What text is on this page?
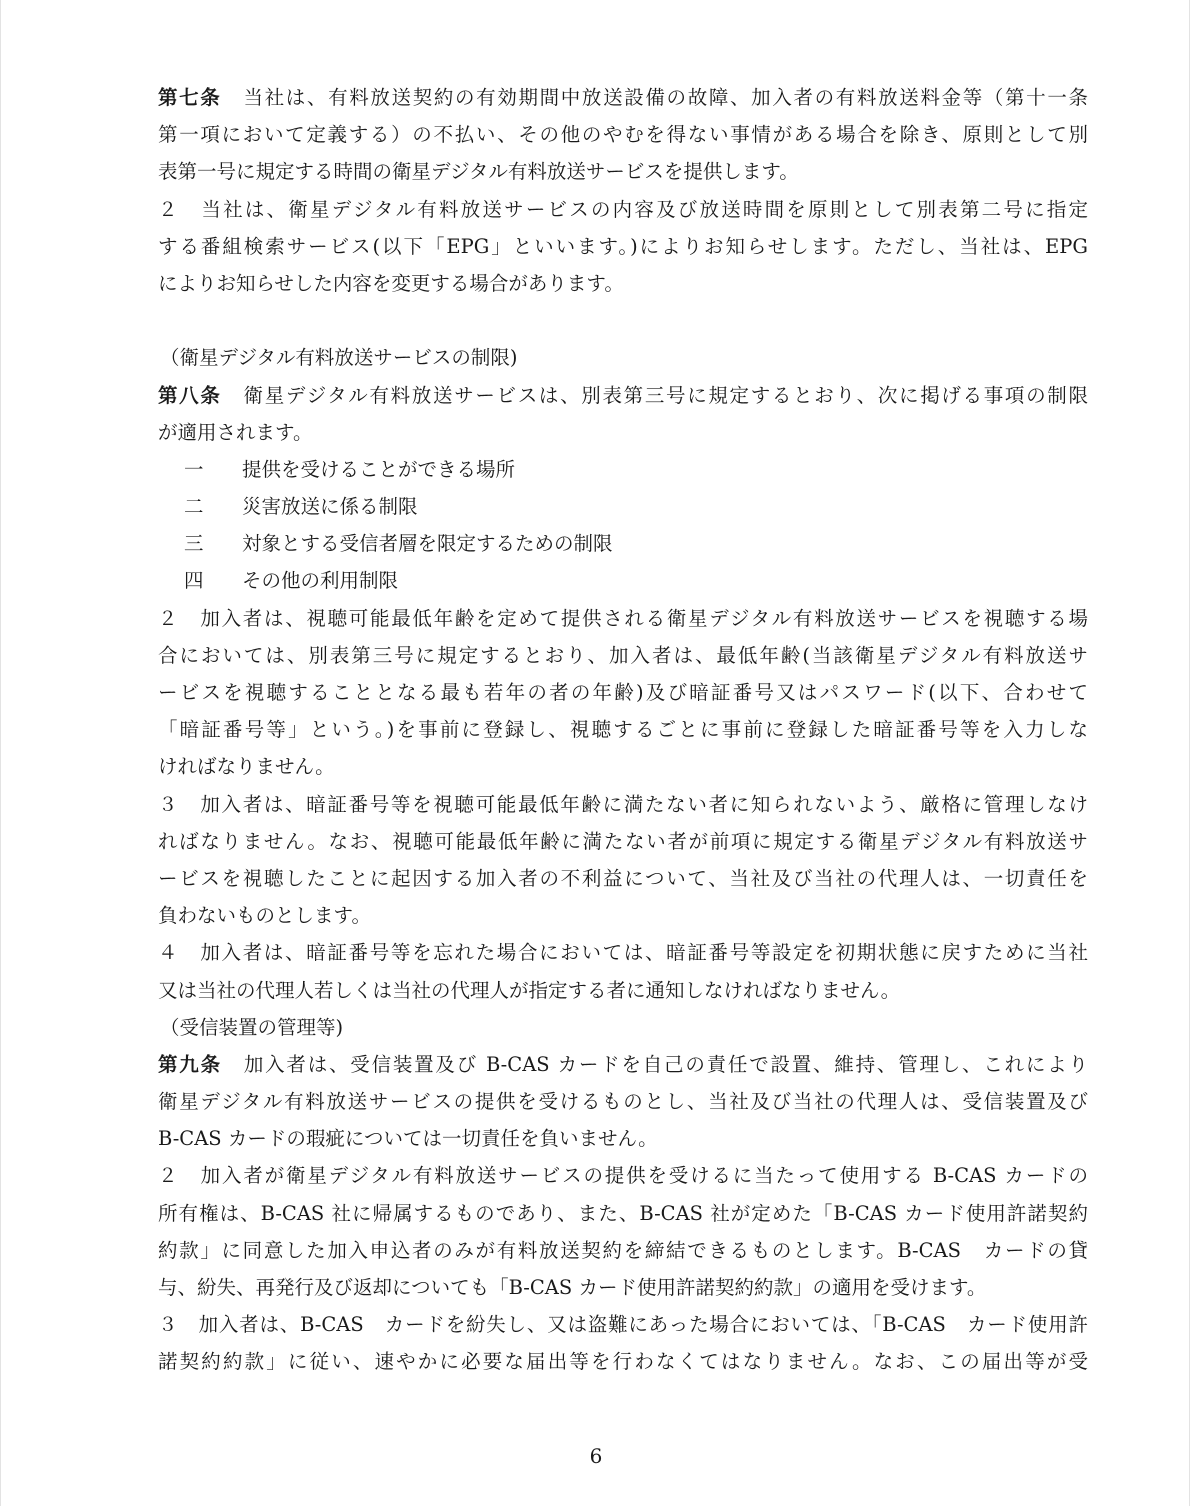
第七条 当社は、有料放送契約の有効期間中放送設備の故障、加入者の有料放送料金等（第十一条
第一項において定義する）の不払い、その他のやむを得ない事情がある場合を除き、原則として別
表第一号に規定する時間の衛星デジタル有料放送サービスを提供します。
２　当社は、衛星デジタル有料放送サービスの内容及び放送時間を原則として別表第二号に指定
する番組検索サービス(以下「EPG」といいます。)によりお知らせします。ただし、当社は、EPG
によりお知らせした内容を変更する場合があります。
（衛星デジタル有料放送サービスの制限)
第八条 衛星デジタル有料放送サービスは、別表第三号に規定するとおり、次に掲げる事項の制限
が適用されます。
一 提供を受けることができる場所
二 災害放送に係る制限
三 対象とする受信者層を限定するための制限
四 その他の利用制限
２　加入者は、視聴可能最低年齢を定めて提供される衛星デジタル有料放送サービスを視聴する場
合においては、別表第三号に規定するとおり、加入者は、最低年齢(当該衛星デジタル有料放送サ
ービスを視聴することとなる最も若年の者の年齢)及び暗証番号又はパスワード(以下、合わせて
「暗証番号等」という。)を事前に登録し、視聴するごとに事前に登録した暗証番号等を入力しな
ければなりません。
３　加入者は、暗証番号等を視聴可能最低年齢に満たない者に知られないよう、厳格に管理しなけ
ればなりません。なお、視聴可能最低年齢に満たない者が前項に規定する衛星デジタル有料放送サ
ービスを視聴したことに起因する加入者の不利益について、当社及び当社の代理人は、一切責任を
負わないものとします。
４　加入者は、暗証番号等を忘れた場合においては、暗証番号等設定を初期状態に戻すために当社
又は当社の代理人若しくは当社の代理人が指定する者に通知しなければなりません。
（受信装置の管理等)
第九条 加入者は、受信装置及び B-CAS カードを自己の責任で設置、維持、管理し、これにより
衛星デジタル有料放送サービスの提供を受けるものとし、当社及び当社の代理人は、受信装置及び
B-CAS カードの瑕疵については一切責任を負いません。
２　加入者が衛星デジタル有料放送サービスの提供を受けるに当たって使用する B-CAS カードの
所有権は、B-CAS 社に帰属するものであり、また、B-CAS 社が定めた「B-CAS カード使用許諾契約
約款」に同意した加入申込者のみが有料放送契約を締結できるものとします。B-CAS　カードの貸
与、紛失、再発行及び返却についても「B-CAS カード使用許諾契約約款」の適用を受けます。
３　加入者は、B-CAS　カードを紛失し、又は盗難にあった場合においては、「B-CAS　カード使用許
諾契約約款」に従い、速やかに必要な届出等を行わなくてはなりません。なお、この届出等が受
6
